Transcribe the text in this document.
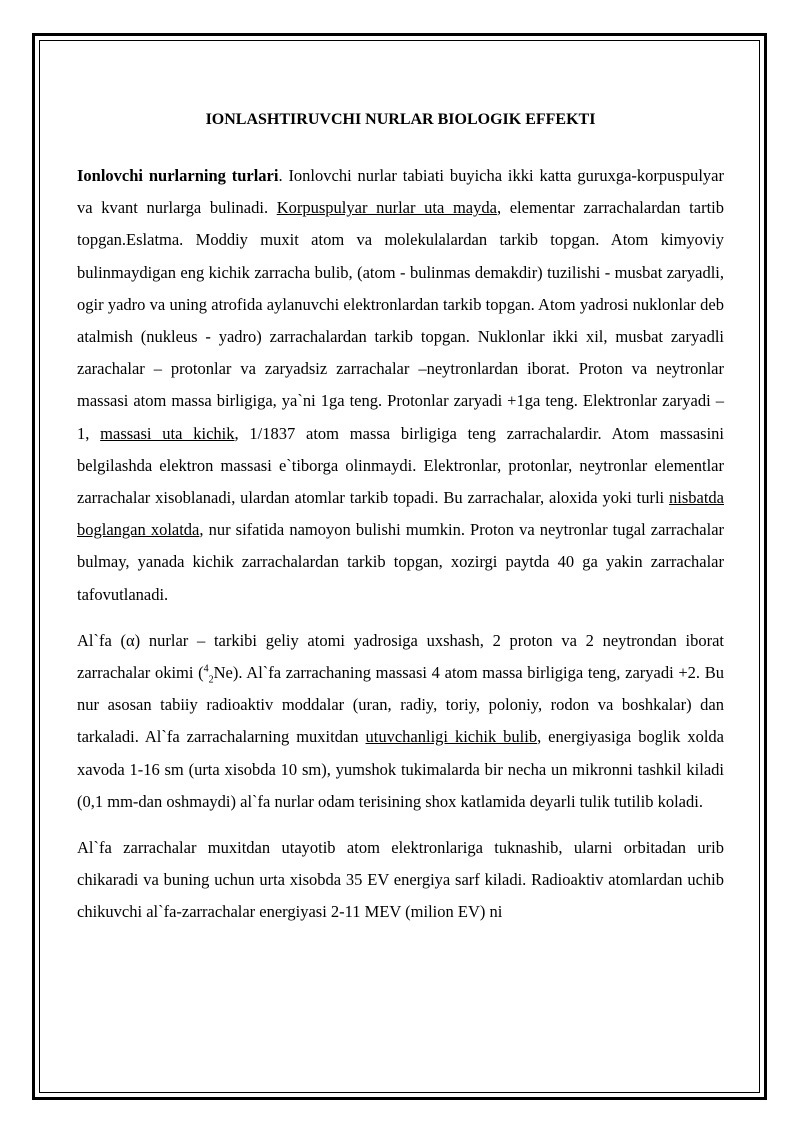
IONLASHTIRUVCHI NURLAR BIOLOGIK EFFEKTI

Ionlovchi nurlarning turlari. Ionlovchi nurlar tabiati buyicha ikki katta guruxga-korpuspulyar va kvant nurlarga bulinadi. Korpuspulyar nurlar uta mayda, elementar zarrachalardan tartib topgan.Eslatma. Moddiy muxit atom va molekulalardan tarkib topgan. Atom kimyoviy bulinmaydigan eng kichik zarracha bulib, (atom - bulinmas demakdir) tuzilishi - musbat zaryadli, ogir yadro va uning atrofida aylanuvchi elektronlardan tarkib topgan. Atom yadrosi nuklonlar deb atalmish (nukleus - yadro) zarrachalardan tarkib topgan. Nuklonlar ikki xil, musbat zaryadli zarachalar – protonlar va zaryadsiz zarrachalar –neytronlardan iborat. Proton va neytronlar massasi atom massa birligiga, ya`ni 1ga teng. Protonlar zaryadi +1ga teng. Elektronlar zaryadi –1, massasi uta kichik, 1/1837 atom massa birligiga teng zarrachalardir. Atom massasini belgilashda elektron massasi e`tiborga olinmaydi. Elektronlar, protonlar, neytronlar elementlar zarrachalar xisoblanadi, ulardan atomlar tarkib topadi. Bu zarrachalar, aloxida yoki turli nisbatda boglangan xolatda, nur sifatida namoyon bulishi mumkin. Proton va neytronlar tugal zarrachalar bulmay, yanada kichik zarrachalardan tarkib topgan, xozirgi paytda 40 ga yakin zarrachalar tafovutlanadi.

Al`fa (α) nurlar – tarkibi geliy atomi yadrosiga uxshash, 2 proton va 2 neytrondan iborat zarrachalar okimi ($^4_2$Ne). Al`fa zarrachaning massasi 4 atom massa birligiga teng, zaryadi +2. Bu nur asosan tabiiy radioaktiv moddalar (uran, radiy, toriy, poloniy, rodon va boshkalar) dan tarkaladi. Al`fa zarrachalarning muxitdan utuvchanligi kichik bulib, energiyasiga boglik xolda xavoda 1-16 sm (urta xisobda 10 sm), yumshok tukimalarda bir necha un mikronni tashkil kiladi (0,1 mm-dan oshmaydi) al`fa nurlar odam terisining shox katlamida deyarli tulik tutilib koladi.

Al`fa zarrachalar muxitdan utayotib atom elektronlariga tuknashib, ularni orbitadan urib chikaradi va buning uchun urta xisobda 35 EV energiya sarf kiladi. Radioaktiv atomlardan uchib chikuvchi al`fa-zarrachalar energiyasi 2-11 MEV (milion EV) ni
